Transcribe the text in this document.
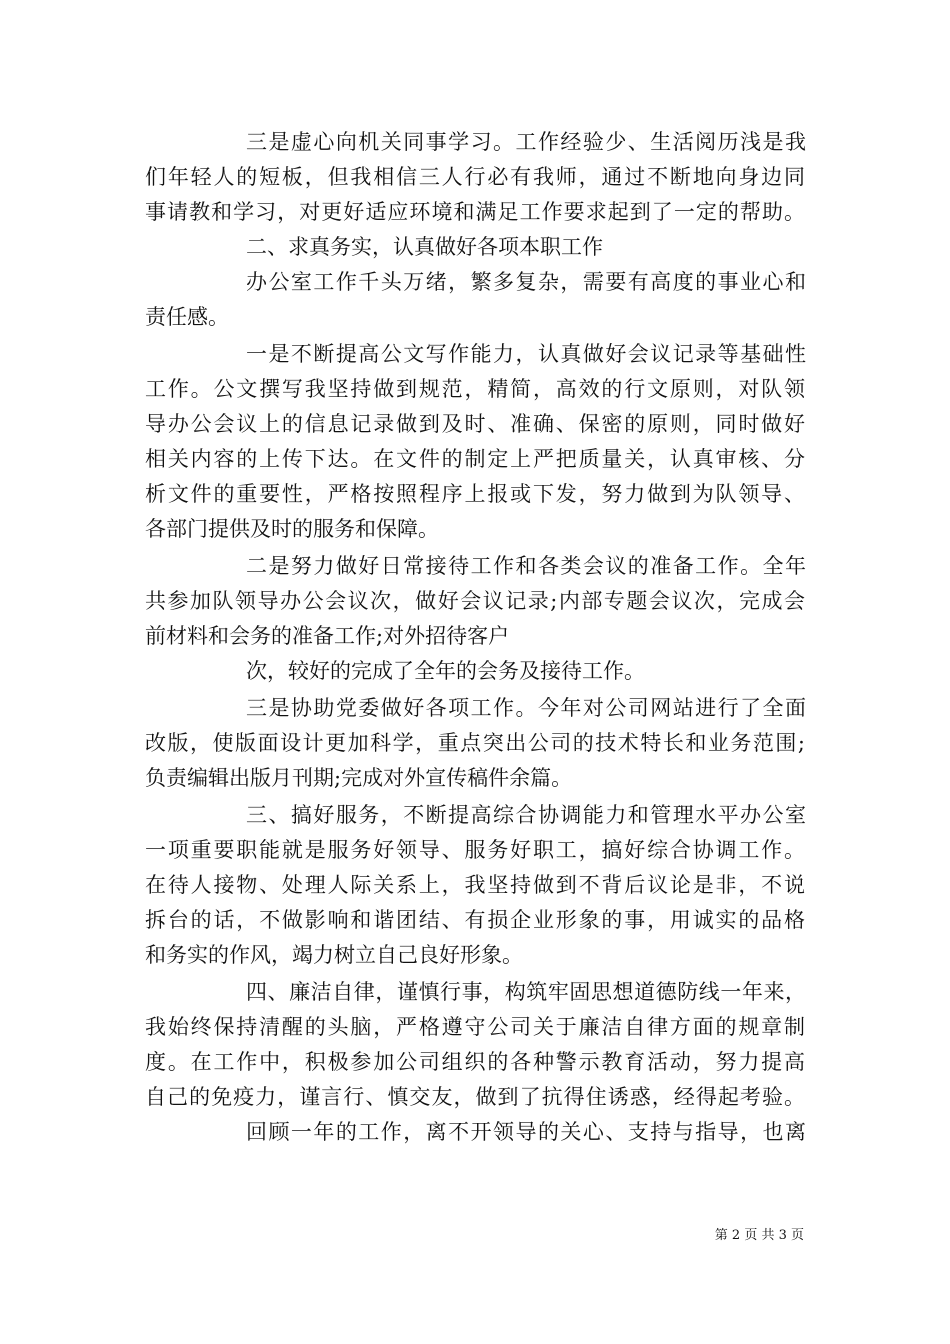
三是虚心向机关同事学习。工作经验少、生活阅历浅是我
们年轻人的短板，但我相信三人行必有我师，通过不断地向身边同
事请教和学习，对更好适应环境和满足工作要求起到了一定的帮助。
二、求真务实，认真做好各项本职工作
办公室工作千头万绪，繁多复杂，需要有高度的事业心和
责任感。
一是不断提高公文写作能力，认真做好会议记录等基础性
工作。公文撰写我坚持做到规范，精简，高效的行文原则，对队领
导办公会议上的信息记录做到及时、准确、保密的原则，同时做好
相关内容的上传下达。在文件的制定上严把质量关，认真审核、分
析文件的重要性，严格按照程序上报或下发，努力做到为队领导、
各部门提供及时的服务和保障。
二是努力做好日常接待工作和各类会议的准备工作。全年
共参加队领导办公会议次，做好会议记录;内部专题会议次，完成会
前材料和会务的准备工作;对外招待客户
次，较好的完成了全年的会务及接待工作。
三是协助党委做好各项工作。今年对公司网站进行了全面
改版，使版面设计更加科学，重点突出公司的技术特长和业务范围;
负责编辑出版月刊期;完成对外宣传稿件余篇。
三、搞好服务，不断提高综合协调能力和管理水平办公室
一项重要职能就是服务好领导、服务好职工，搞好综合协调工作。
在待人接物、处理人际关系上，我坚持做到不背后议论是非，不说
拆台的话，不做影响和谐团结、有损企业形象的事，用诚实的品格
和务实的作风，竭力树立自己良好形象。
四、廉洁自律，谨慎行事，构筑牢固思想道德防线一年来，
我始终保持清醒的头脑，严格遵守公司关于廉洁自律方面的规章制
度。在工作中，积极参加公司组织的各种警示教育活动，努力提高
自己的免疫力，谨言行、慎交友，做到了抗得住诱惑，经得起考验。
回顾一年的工作，离不开领导的关心、支持与指导，也离
第 2 页 共 3 页
